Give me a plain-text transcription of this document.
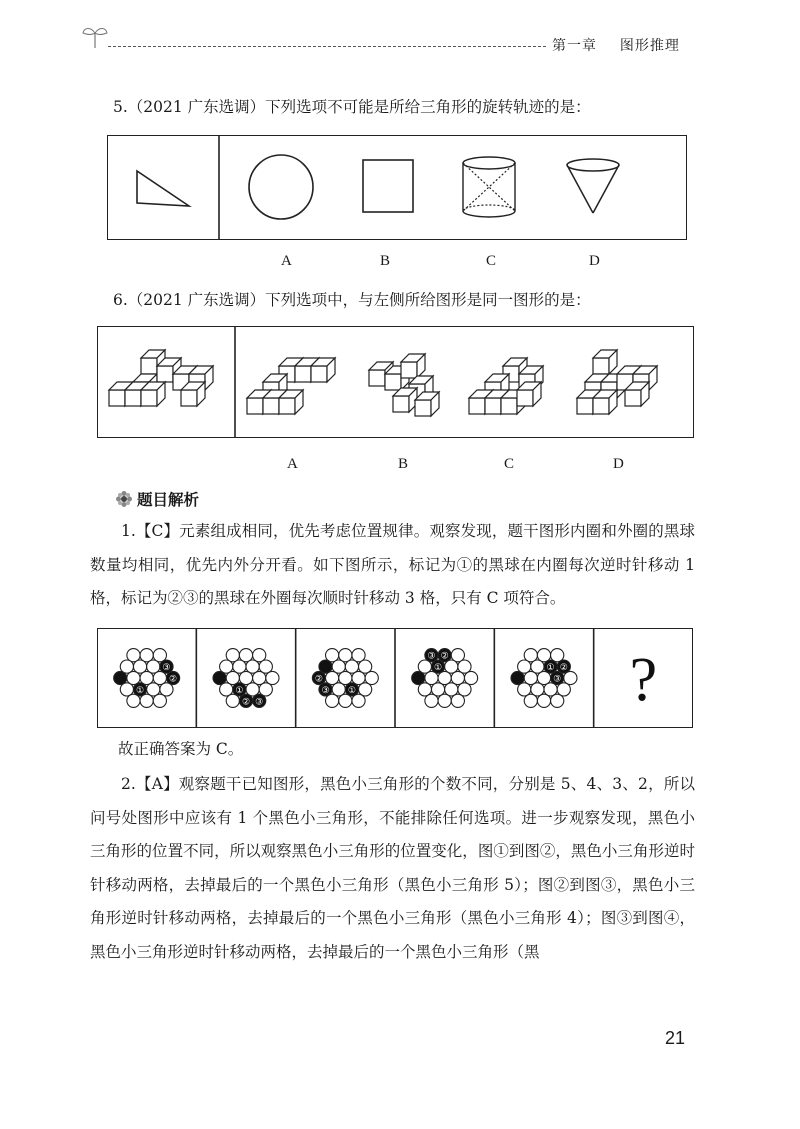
第一章 图形推理
5.（2021 广东选调）下列选项不可能是所给三角形的旋转轨迹的是：
A	B	C	D
6.（2021 广东选调）下列选项中，与左侧所给图形是同一图形的是：
A	B	C	D
题目解析
1.【C】元素组成相同，优先考虑位置规律。观察发现，题干图形内圈和外圈的黑球数量均相同，优先内外分开看。如下图所示，标记为①的黑球在内圈每次逆时针移动 1 格，标记为②③的黑球在外圈每次顺时针移动 3 格，只有 C 项符合。
③
②
①	①
② ③
②
③ ①
③ ②
①	① ②
③ ?
故正确答案为 C。
2.【A】观察题干已知图形，黑色小三角形的个数不同，分别是 5、4、3、2，所以问号处图形中应该有 1 个黑色小三角形，不能排除任何选项。进一步观察发现，黑色小三角形的位置不同，所以观察黑色小三角形的位置变化，图①到图②，黑色小三角形逆时针移动两格，去掉最后的一个黑色小三角形（黑色小三角形 5）；图②到图③，黑色小三角形逆时针移动两格，去掉最后的一个黑色小三角形（黑色小三角形 4）；图③到图④，黑色小三角形逆时针移动两格，去掉最后的一个黑色小三角形（黑
21
